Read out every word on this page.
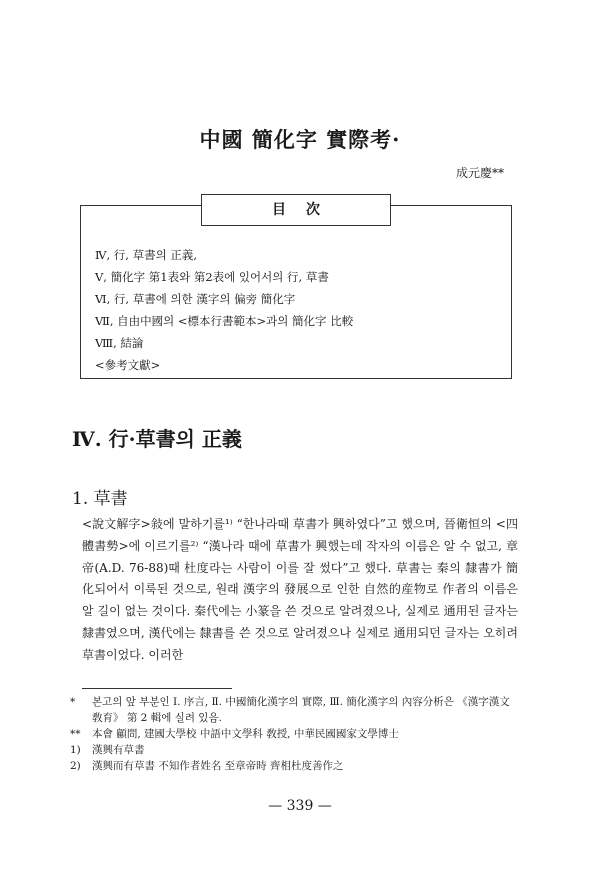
中國 簡化字 實際考·
成元慶**
目次
Ⅳ, 行, 草書의 正義,
Ⅴ, 簡化字 第1表와 第2表에 있어서의 行, 草書
Ⅵ, 行, 草書에 의한 漢字의 偏旁 簡化字
Ⅶ, 自由中國의 <標本行書範本>과의 簡化字 比較
Ⅷ, 結論
<參考文獻>
Ⅳ. 行·草書의 正義
1. 草書

<說文解字>敍에 말하기를¹⁾ “한나라때 草書가 興하였다”고 했으며, 晉衛恒의 <四體書勢>에 이르기를²⁾ “漢나라 때에 草書가 興했는데 작자의 이름은 알 수 없고, 章帝(A.D. 76-88)때 杜度라는 사람이 이를 잘 썼다”고 했다. 草書는 秦의 隸書가 簡化되어서 이룩된 것으로, 원래 漢字의 發展으로 인한 自然的産物로 作者의 이름은 알 길이 없는 것이다. 秦代에는 小篆을 쓴 것으로 알려졌으나, 실제로 通用된 글자는 隸書였으며, 漢代에는 隸書를 쓴 것으로 알려졌으나 실제로 通用되던 글자는 오히려 草書이었다. 이러한

*	본고의 앞 부분인 Ⅰ. 序言, Ⅱ. 中國簡化漢字의 實際, Ⅲ. 簡化漢字의 內容分析은 《漢字漢文敎育》 第 2 輯에 실려 있음.
**	本會 顧問, 建國大學校 中語中文學科 敎授, 中華民國國家文學博士
1)	漢興有草書
2)	漢興而有草書 不知作者姓名 至章帝時 齊相杜度善作之
— 339 —
